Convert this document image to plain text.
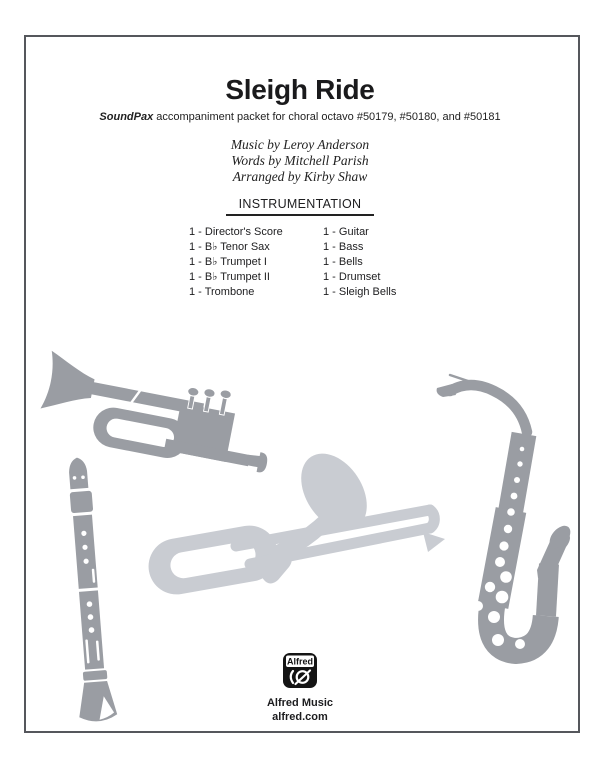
Sleigh Ride
SoundPax accompaniment packet for choral octavo #50179, #50180, and #50181
Music by Leroy Anderson
Words by Mitchell Parish
Arranged by Kirby Shaw
INSTRUMENTATION
1 - Director's Score
1 - B♭ Tenor Sax
1 - B♭ Trumpet I
1 - B♭ Trumpet II
1 - Trombone
1 - Guitar
1 - Bass
1 - Bells
1 - Drumset
1 - Sleigh Bells
Alfred
Alfred Music
alfred.com
